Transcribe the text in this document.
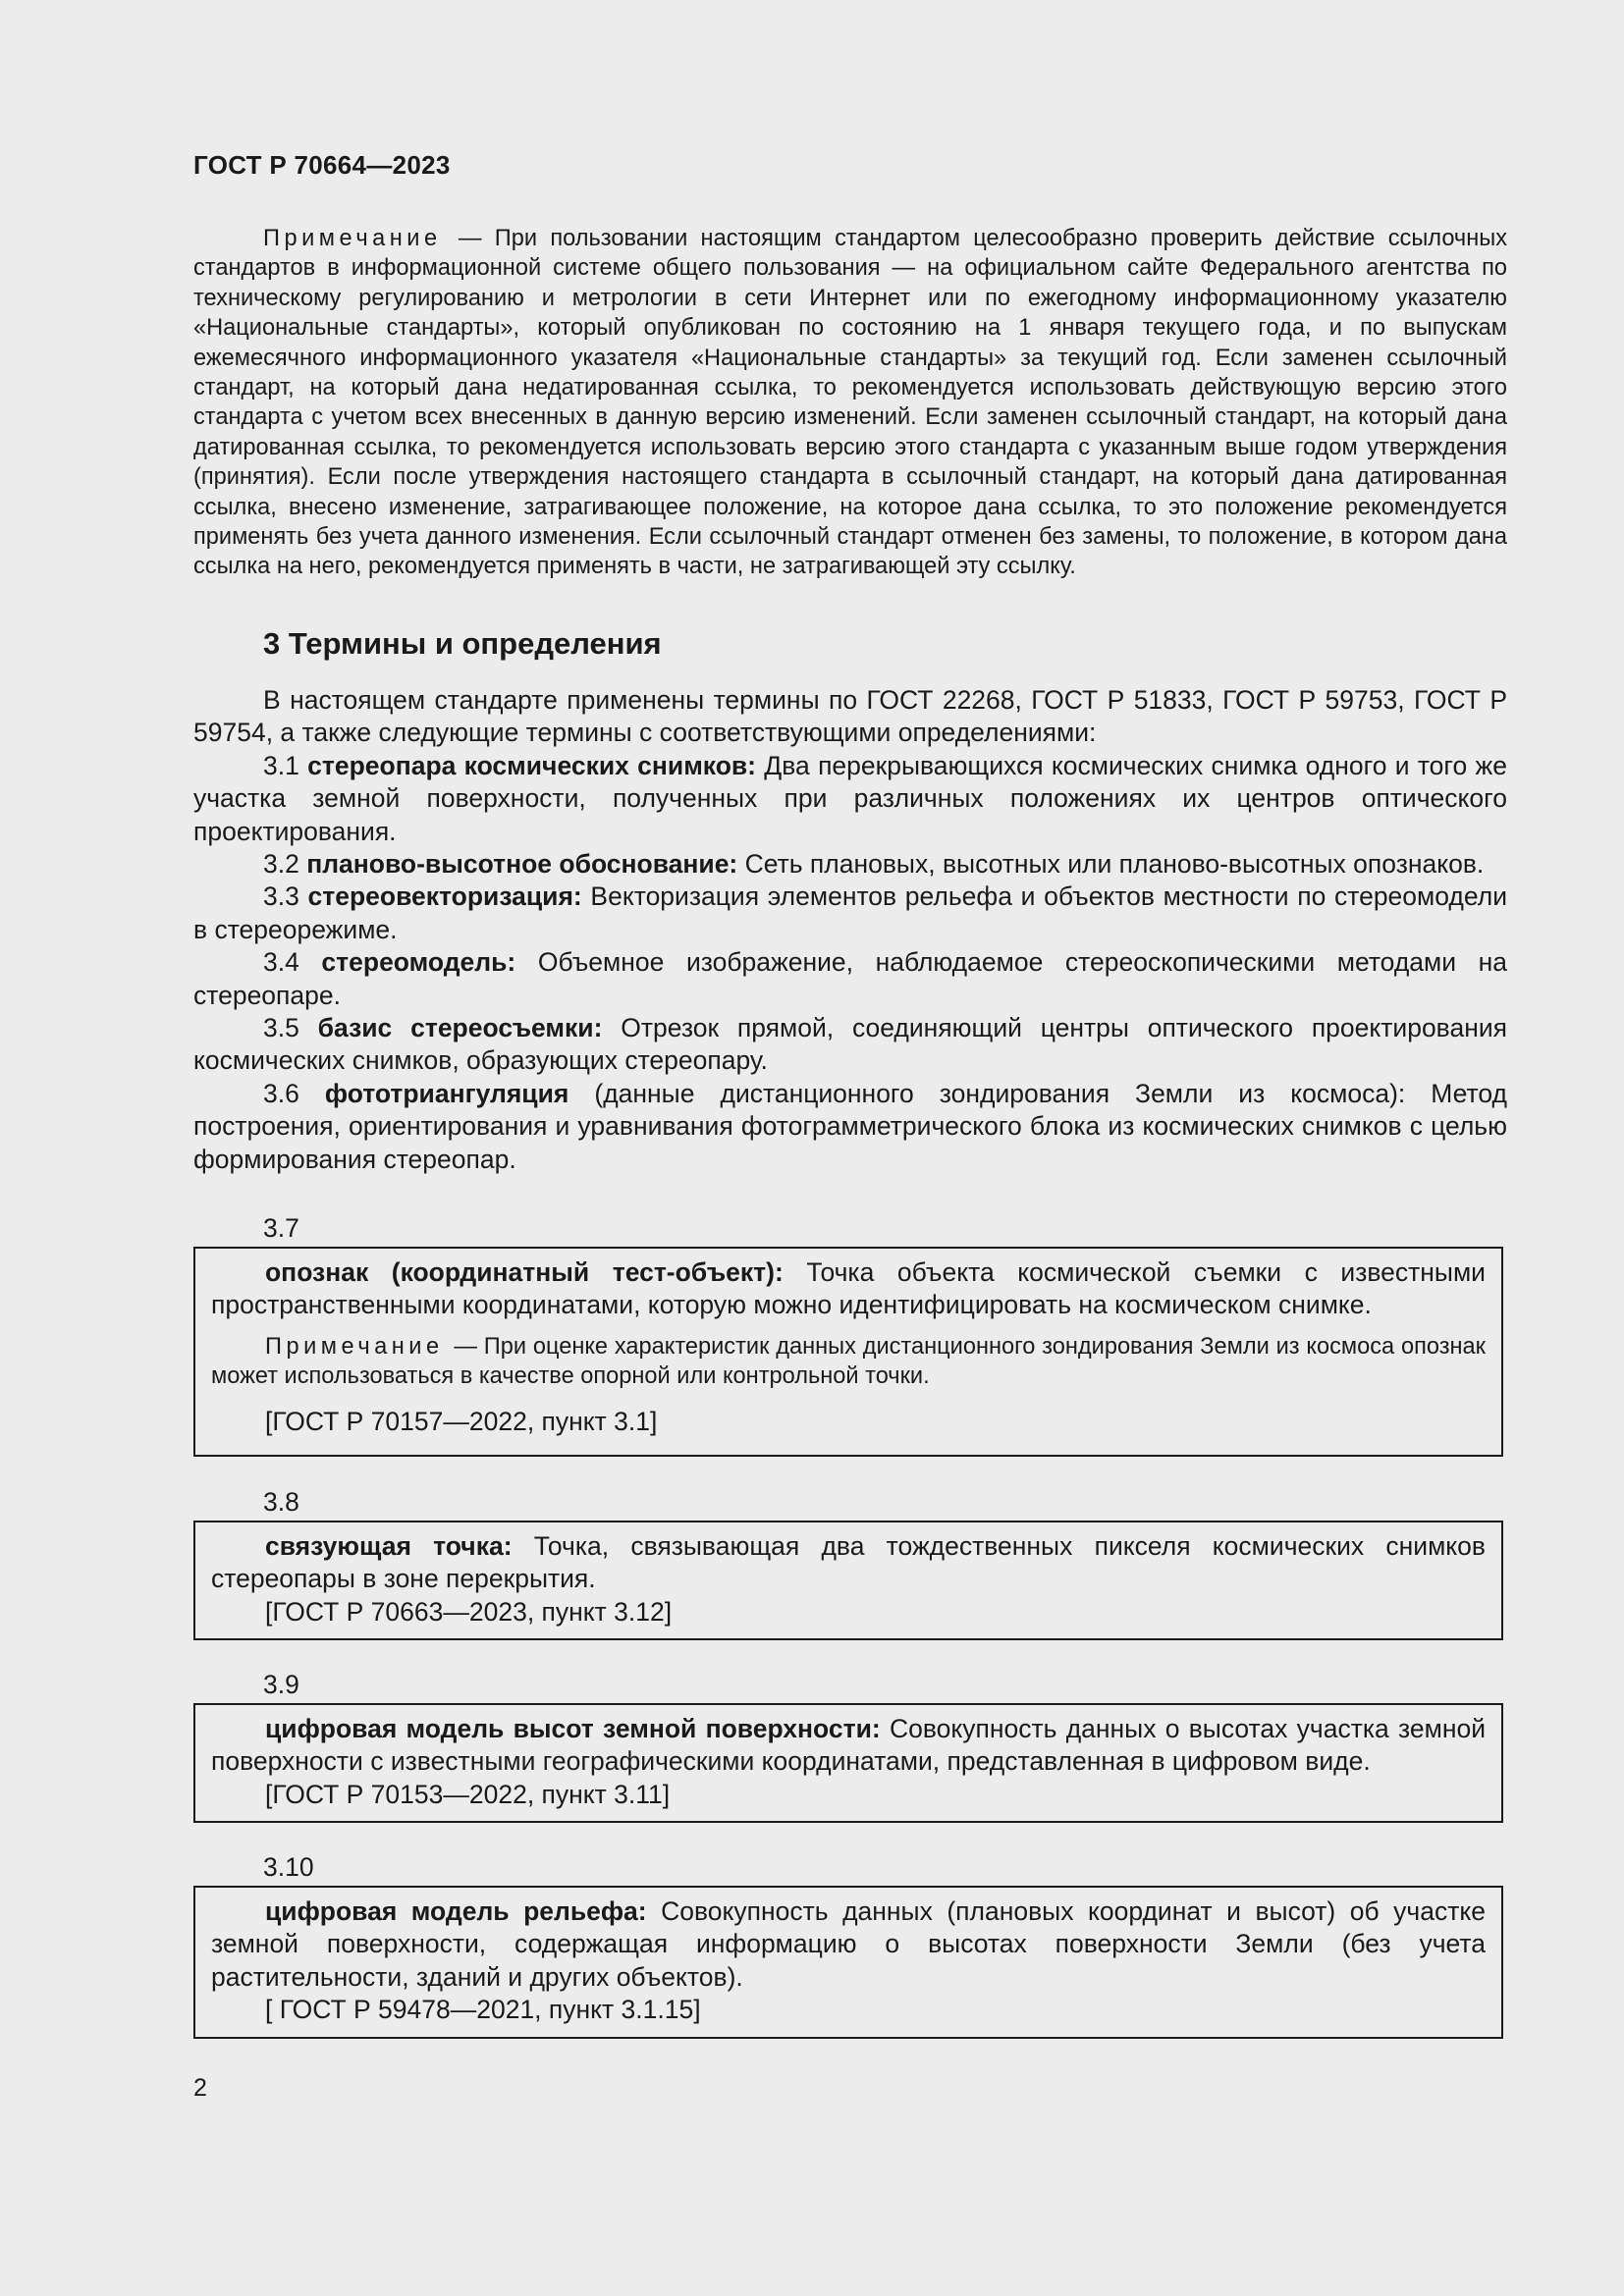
ГОСТ Р 70664—2023
Примечание — При пользовании настоящим стандартом целесообразно проверить действие ссылочных стандартов в информационной системе общего пользования — на официальном сайте Федерального агентства по техническому регулированию и метрологии в сети Интернет или по ежегодному информационному указателю «Национальные стандарты», который опубликован по состоянию на 1 января текущего года, и по выпускам ежемесячного информационного указателя «Национальные стандарты» за текущий год. Если заменен ссылочный стандарт, на который дана недатированная ссылка, то рекомендуется использовать действующую версию этого стандарта с учетом всех внесенных в данную версию изменений. Если заменен ссылочный стандарт, на который дана датированная ссылка, то рекомендуется использовать версию этого стандарта с указанным выше годом утверждения (принятия). Если после утверждения настоящего стандарта в ссылочный стандарт, на который дана датированная ссылка, внесено изменение, затрагивающее положение, на которое дана ссылка, то это положение рекомендуется применять без учета данного изменения. Если ссылочный стандарт отменен без замены, то положение, в котором дана ссылка на него, рекомендуется применять в части, не затрагивающей эту ссылку.
3 Термины и определения

В настоящем стандарте применены термины по ГОСТ 22268, ГОСТ Р 51833, ГОСТ Р 59753, ГОСТ Р 59754, а также следующие термины с соответствующими определениями:

3.1 стереопара космических снимков: Два перекрывающихся космических снимка одного и того же участка земной поверхности, полученных при различных положениях их центров оптического проектирования.

3.2 планово-высотное обоснование: Сеть плановых, высотных или планово-высотных опознаков.

3.3 стереовекторизация: Векторизация элементов рельефа и объектов местности по стереомодели в стереорежиме.

3.4 стереомодель: Объемное изображение, наблюдаемое стереоскопическими методами на стереопаре.

3.5 базис стереосъемки: Отрезок прямой, соединяющий центры оптического проектирования космических снимков, образующих стереопару.

3.6 фототриангуляция (данные дистанционного зондирования Земли из космоса): Метод построения, ориентирования и уравнивания фотограмметрического блока из космических снимков с целью формирования стереопар.

3.7

опознак (координатный тест-объект): Точка объекта космической съемки с известными пространственными координатами, которую можно идентифицировать на космическом снимке.

Примечание — При оценке характеристик данных дистанционного зондирования Земли из космоса опознак может использоваться в качестве опорной или контрольной точки.

[ГОСТ Р 70157—2022, пункт 3.1]

3.8

связующая точка: Точка, связывающая два тождественных пикселя космических снимков стереопары в зоне перекрытия.

[ГОСТ Р 70663—2023, пункт 3.12]

3.9

цифровая модель высот земной поверхности: Совокупность данных о высотах участка земной поверхности с известными географическими координатами, представленная в цифровом виде.

[ГОСТ Р 70153—2022, пункт 3.11]

3.10

цифровая модель рельефа: Совокупность данных (плановых координат и высот) об участке земной поверхности, содержащая информацию о высотах поверхности Земли (без учета растительности, зданий и других объектов).

[ ГОСТ Р 59478—2021, пункт 3.1.15]

2
